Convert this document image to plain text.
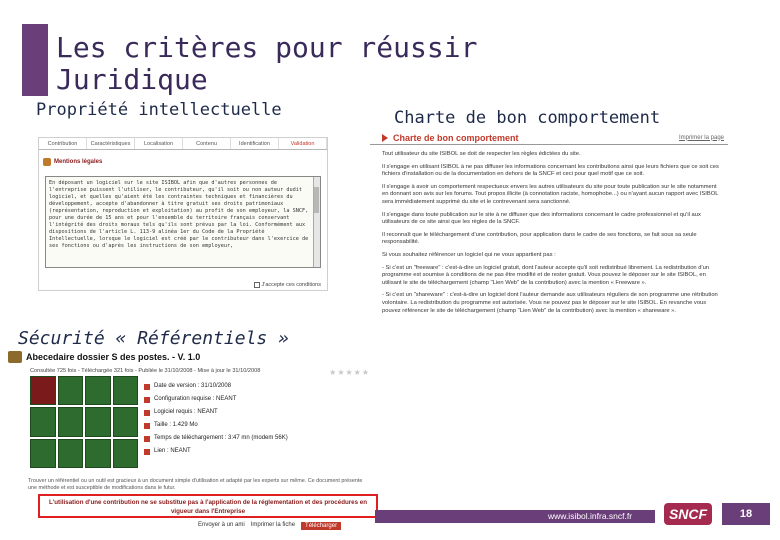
Les critères pour réussir
Juridique
Propriété intellectuelle	Charte de bon comportement
Sécurité « Référentiels »
Contribution	Caractéristiques	Localisation	Contenu	Identification	Validation
Mentions légales
En déposant un logiciel sur le site ISIBOL afin que d'autres personnes de l'entreprise puissent l'utiliser, le contributeur, qu'il soit ou non auteur dudit logiciel, et quelles qu'aient été les contraintes techniques et financières du développement, accepte d'abandonner à titre gratuit ses droits patrimoniaux (représentation, reproduction et exploitation) au profit de son employeur, la SNCF, pour une durée de 15 ans et pour l'ensemble du territoire français conservant l'intégrité des droits moraux tels qu'ils sont prévus par la loi. Conformément aux dispositions de l'article L. 113-9 alinéa 1er du Code de la Propriété Intellectuelle, lorsque le logiciel est créé par le contributeur dans l'exercice de ses fonctions ou d'après les instructions de son employeur,
J'accepte ces conditions
Charte de bon comportement	Imprimer la page

Tout utilisateur du site ISIBOL se doit de respecter les règles édictées du site.

Il s'engage en utilisant ISIBOL à ne pas diffuser les informations concernant les contributions ainsi que leurs fichiers que ce soit ces fichiers d'installation ou de la documentation en dehors de la SNCF et ceci pour quel motif que ce soit.

Il s'engage à avoir un comportement respectueux envers les autres utilisateurs du site pour toute publication sur le site notamment en donnant son avis sur les forums. Tout propos illicite (à connotation raciste, homophobe...) ou n'ayant aucun rapport avec ISIBOL sera immédiatement supprimé du site et le contrevenant sera sanctionné.

Il s'engage dans toute publication sur le site à ne diffuser que des informations concernant le cadre professionnel et qu'il aux utilisateurs de ce site ainsi que les règles de la SNCF.

Il reconnaît que le téléchargement d'une contribution, pour application dans le cadre de ses fonctions, se fait sous sa seule responsabilité.

Si vous souhaitez référencer un logiciel qui ne vous appartient pas :

- Si c'est un "freeware" : c'est-à-dire un logiciel gratuit, dont l'auteur accepte qu'il soit redistribué librement. La redistribution d'un programme est soumise à conditions de ne pas être modifié et de rester gratuit. Vous pouvez le déposer sur le site ISIBOL, en utilisant le site de téléchargement (champ "Lien Web" de la contribution) avec la mention « Freeware ».

- Si c'est un "shareware" : c'est-à-dire un logiciel dont l'auteur demande aux utilisateurs réguliers de son programme une rétribution volontaire. La redistribution du programme est autorisée. Vous ne pouvez pas le déposer sur le site ISIBOL. En revanche vous pouvez référencer le site de téléchargement (champ "Lien Web" de la contribution) avec la mention « shareware ».

Abecedaire dossier S des postes. - V. 1.0
Consultée 725 fois - Téléchargée 321 fois - Publiée le 31/10/2008 - Mise à jour le 31/10/2008	★★★★★
Date de version : 31/10/2008
Configuration requise : NEANT
Logiciel requis : NEANT
Taille : 1.429 Mo
Temps de téléchargement : 3:47 mn (modem 56K)
Lien : NEANT
Trouver un référentiel ou un outil est gracieux à un document simple d'utilisation et adapté par les experts sur même. Ce document présente une méthode et est susceptible de modifications dans le futur.
L'utilisation d'une contribution ne se substitue pas à l'application de la réglementation et des procédures en vigueur dans l'Entreprise
Envoyer à un ami Imprimer la fiche	Télécharger
www.isibol.infra.sncf.fr	SNCF	18
